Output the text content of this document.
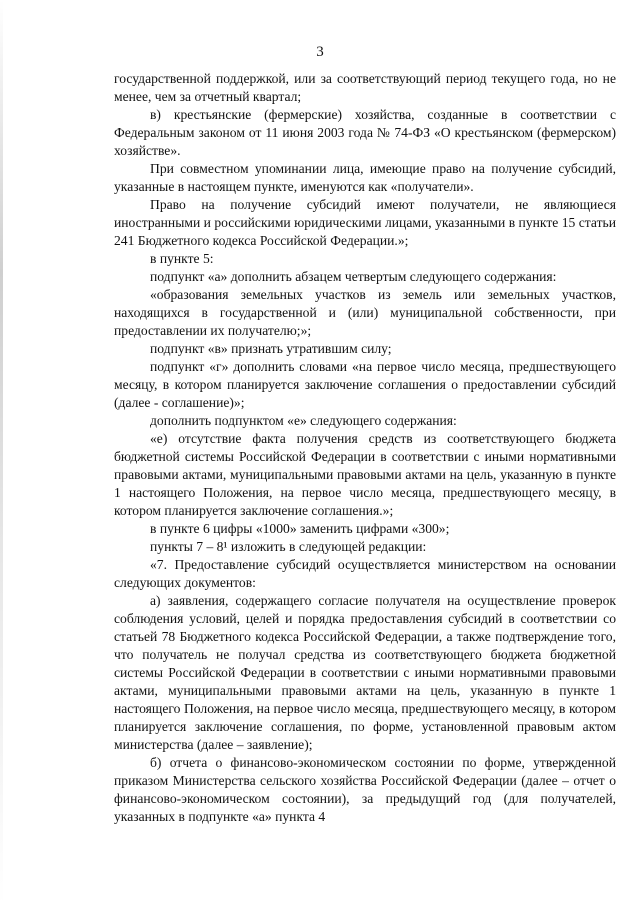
3

государственной поддержкой, или за соответствующий период текущего года, но не менее, чем за отчетный квартал;

в) крестьянские (фермерские) хозяйства, созданные в соответствии с Федеральным законом от 11 июня 2003 года № 74-ФЗ «О крестьянском (фермерском) хозяйстве».

При совместном упоминании лица, имеющие право на получение субсидий, указанные в настоящем пункте, именуются как «получатели».

Право на получение субсидий имеют получатели, не являющиеся иностранными и российскими юридическими лицами, указанными в пункте 15 статьи 241 Бюджетного кодекса Российской Федерации.»;

в пункте 5:

подпункт «а» дополнить абзацем четвертым следующего содержания:

«образования земельных участков из земель или земельных участков, находящихся в государственной и (или) муниципальной собственности, при предоставлении их получателю;»;

подпункт «в» признать утратившим силу;

подпункт «г» дополнить словами «на первое число месяца, предшествующего месяцу, в котором планируется заключение соглашения о предоставлении субсидий (далее - соглашение)»;

дополнить подпунктом «е» следующего содержания:

«е) отсутствие факта получения средств из соответствующего бюджета бюджетной системы Российской Федерации в соответствии с иными нормативными правовыми актами, муниципальными правовыми актами на цель, указанную в пункте 1 настоящего Положения, на первое число месяца, предшествующего месяцу, в котором планируется заключение соглашения.»;

в пункте 6 цифры «1000» заменить цифрами «300»;

пункты 7 – 8¹ изложить в следующей редакции:

«7. Предоставление субсидий осуществляется министерством на основании следующих документов:

а) заявления, содержащего согласие получателя на осуществление проверок соблюдения условий, целей и порядка предоставления субсидий в соответствии со статьей 78 Бюджетного кодекса Российской Федерации, а также подтверждение того, что получатель не получал средства из соответствующего бюджета бюджетной системы Российской Федерации в соответствии с иными нормативными правовыми актами, муниципальными правовыми актами на цель, указанную в пункте 1 настоящего Положения, на первое число месяца, предшествующего месяцу, в котором планируется заключение соглашения, по форме, установленной правовым актом министерства (далее – заявление);

б) отчета о финансово-экономическом состоянии по форме, утвержденной приказом Министерства сельского хозяйства Российской Федерации (далее – отчет о финансово-экономическом состоянии), за предыдущий год (для получателей, указанных в подпункте «а» пункта 4
